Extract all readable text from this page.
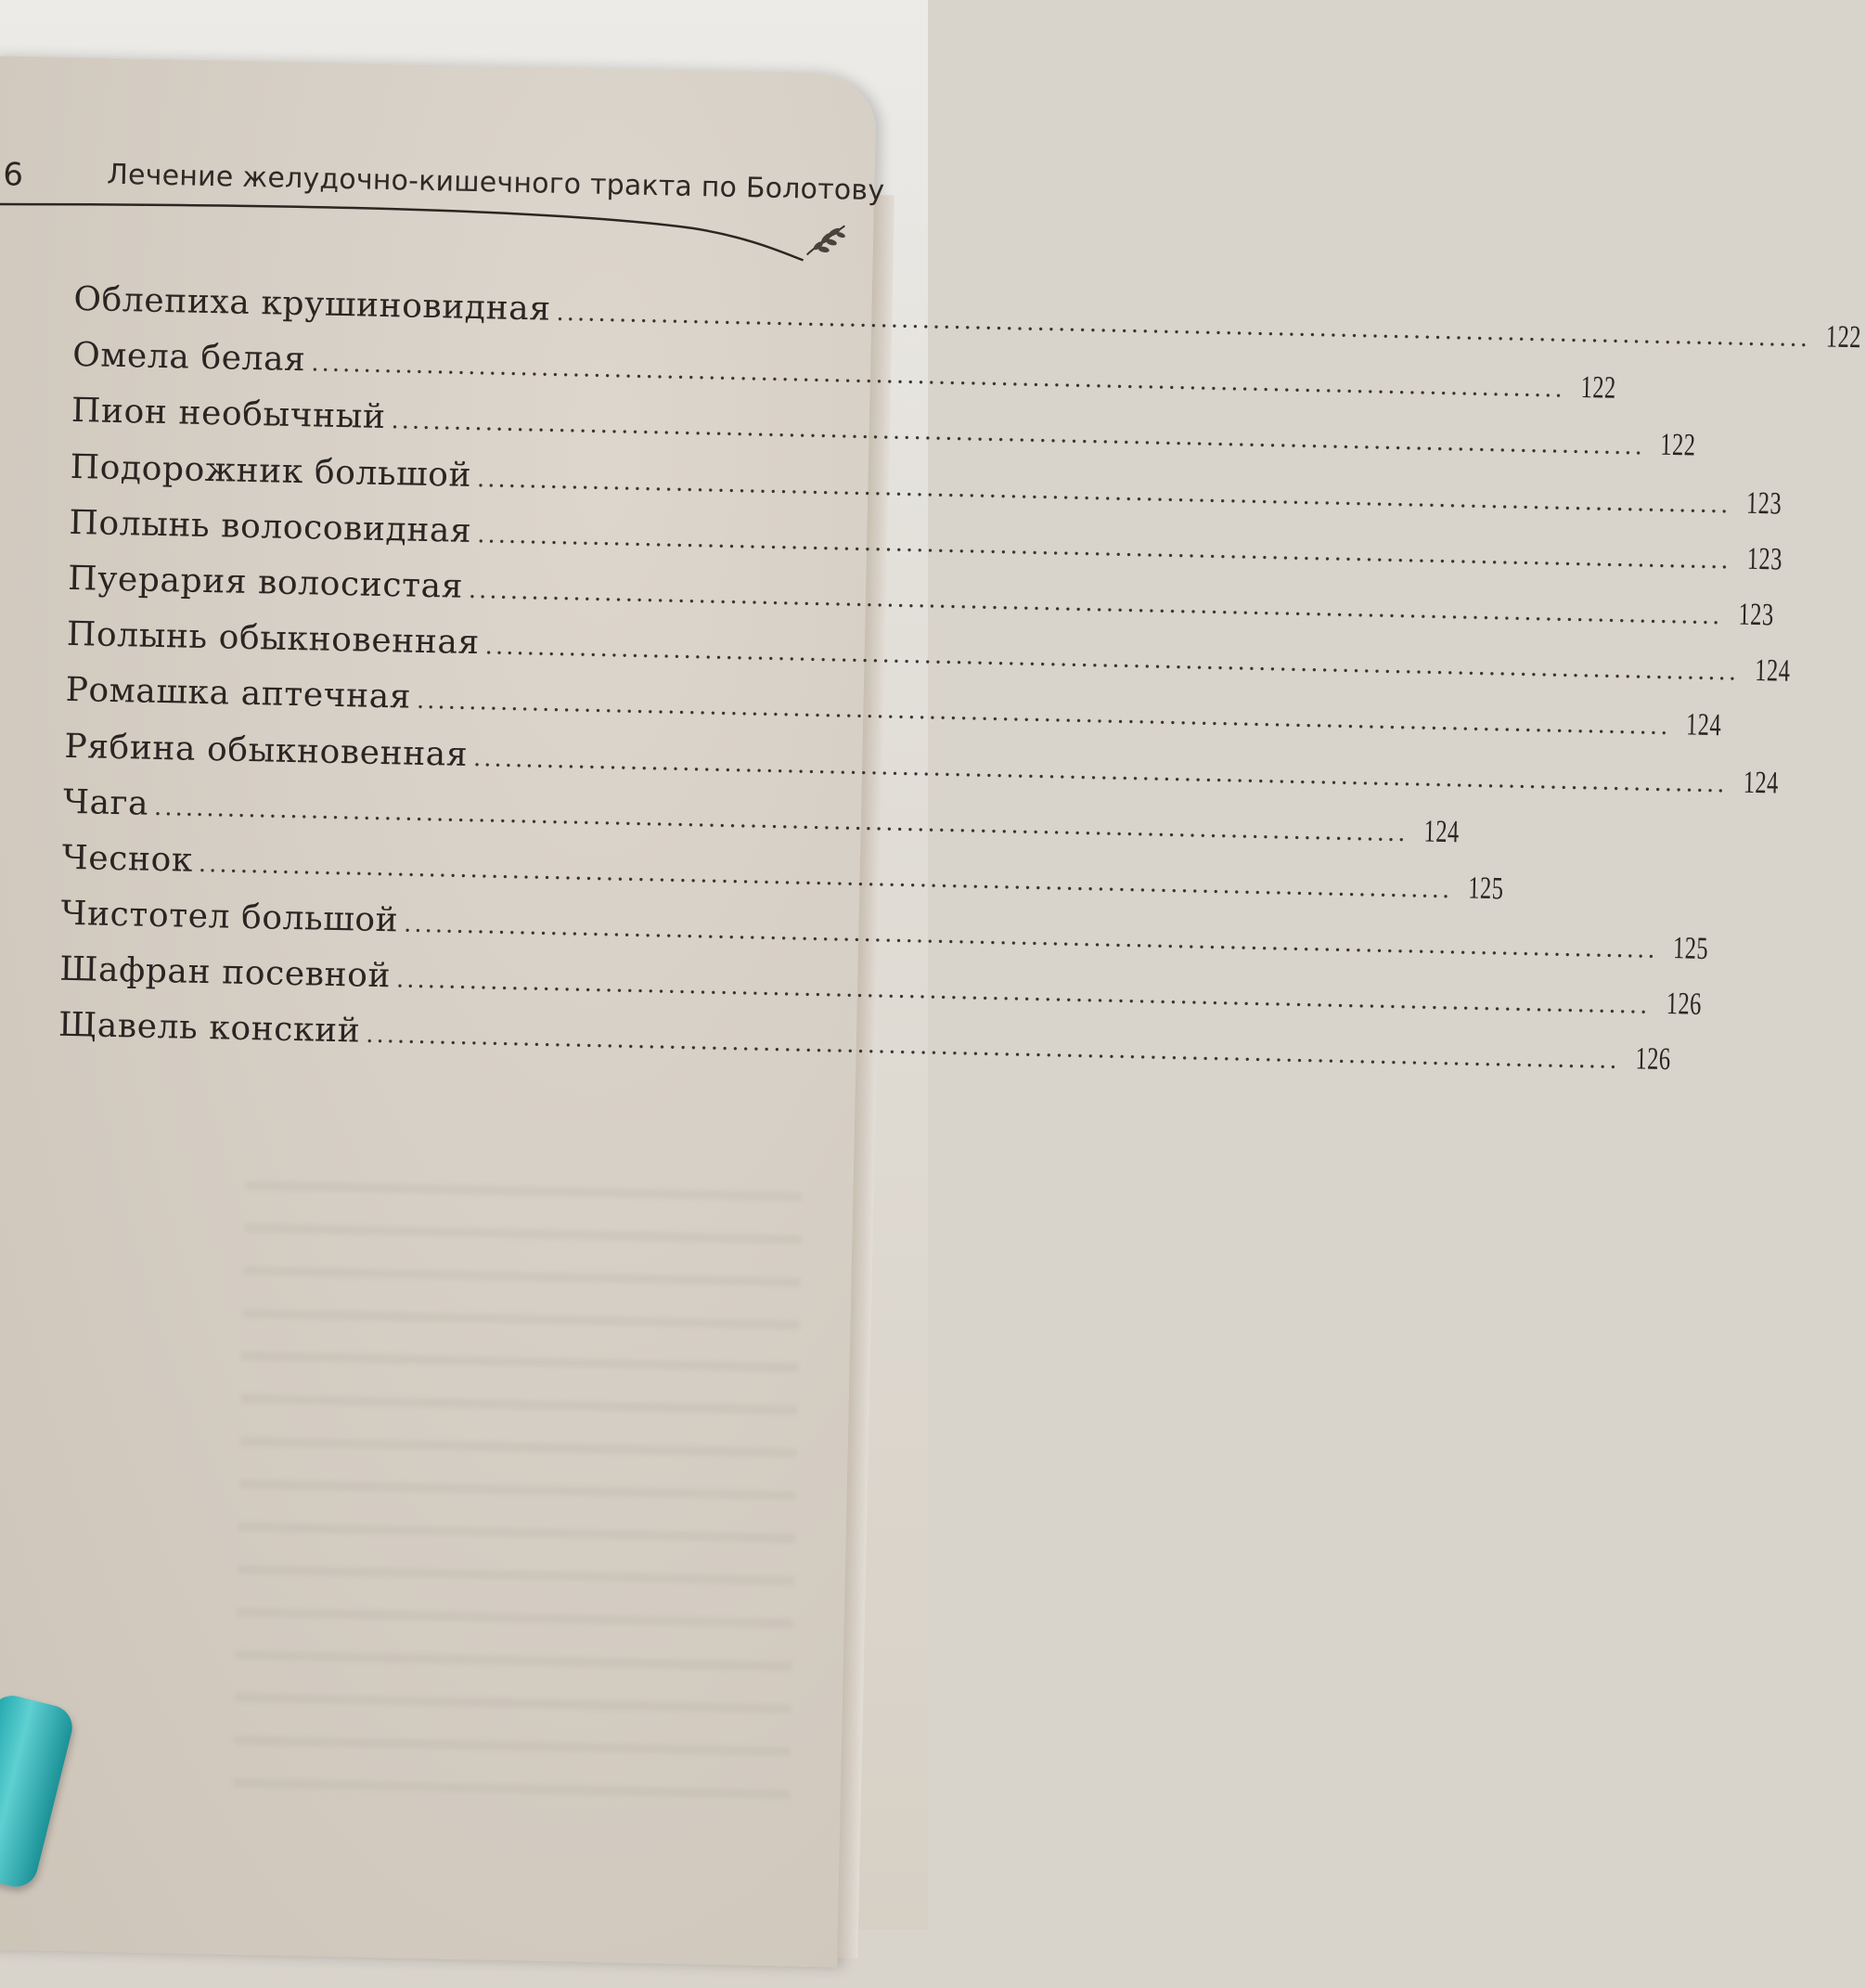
6	Лечение желудочно-кишечного тракта по Болотову
Облепиха крушиновидная ........................................................................................................................ 122
Омела белая ........................................................................................................................ 122
Пион необычный ........................................................................................................................ 122
Подорожник большой ........................................................................................................................ 123
Полынь волосовидная ........................................................................................................................ 123
Пуерария волосистая ........................................................................................................................ 123
Полынь обыкновенная ........................................................................................................................ 124
Ромашка аптечная ........................................................................................................................ 124
Рябина обыкновенная ........................................................................................................................ 124
Чага ........................................................................................................................ 124
Чеснок ........................................................................................................................ 125
Чистотел большой ........................................................................................................................ 125
Шафран посевной ........................................................................................................................ 126
Щавель конский ........................................................................................................................ 126
